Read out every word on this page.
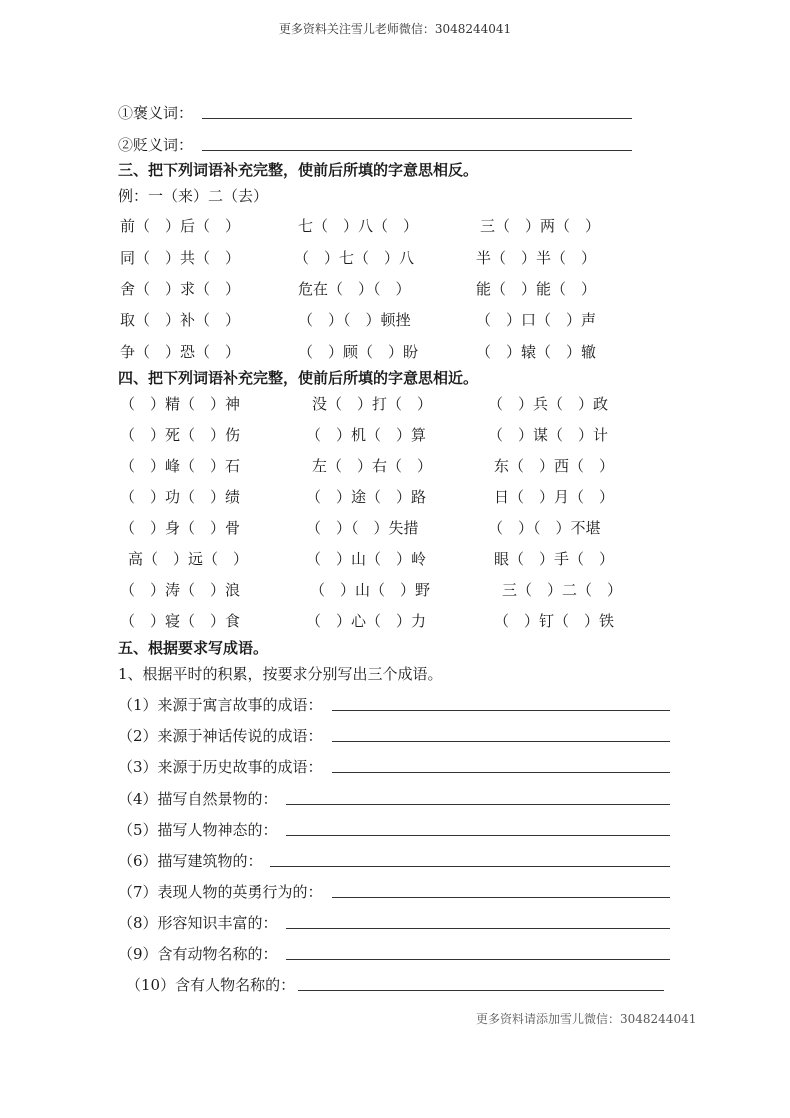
更多资料关注雪儿老师微信：3048244041
①褒义词：
②贬义词：
三、把下列词语补充完整，使前后所填的字意思相反。
例：一（来）二（去）
前（　）后（　）	七（　）八（　）	三（　）两（　）
同（　）共（　）	（　）七（　）八	半（　）半（　）
舍（　）求（　）	危在（　）（　）	能（　）能（　）
取（　）补（　）	（　）（　）顿挫	（　）口（　）声
争（　）恐（　）	（　）顾（　）盼	（　）辕（　）辙
四、把下列词语补充完整，使前后所填的字意思相近。
（　）精（　）神	没（　）打（　）	（　）兵（　）政
（　）死（　）伤	（　）机（　）算	（　）谋（　）计
（　）峰（　）石	左（　）右（　）	东（　）西（　）
（　）功（　）绩	（　）途（　）路	日（　）月（　）
（　）身（　）骨	（　）（　）失措	（　）（　）不堪
高（　）远（　）	（　）山（　）岭	眼（　）手（　）
（　）涛（　）浪	（　）山（　）野	三（　）二（　）
（　）寝（　）食	（　）心（　）力	（　）钉（　）铁
五、根据要求写成语。
1、根据平时的积累，按要求分别写出三个成语。
（1）来源于寓言故事的成语：
（2）来源于神话传说的成语：
（3）来源于历史故事的成语：
（4）描写自然景物的：
（5）描写人物神态的：
（6）描写建筑物的：
（7）表现人物的英勇行为的：
（8）形容知识丰富的：
（9）含有动物名称的：
（10）含有人物名称的：
更多资料请添加雪儿微信：3048244041
